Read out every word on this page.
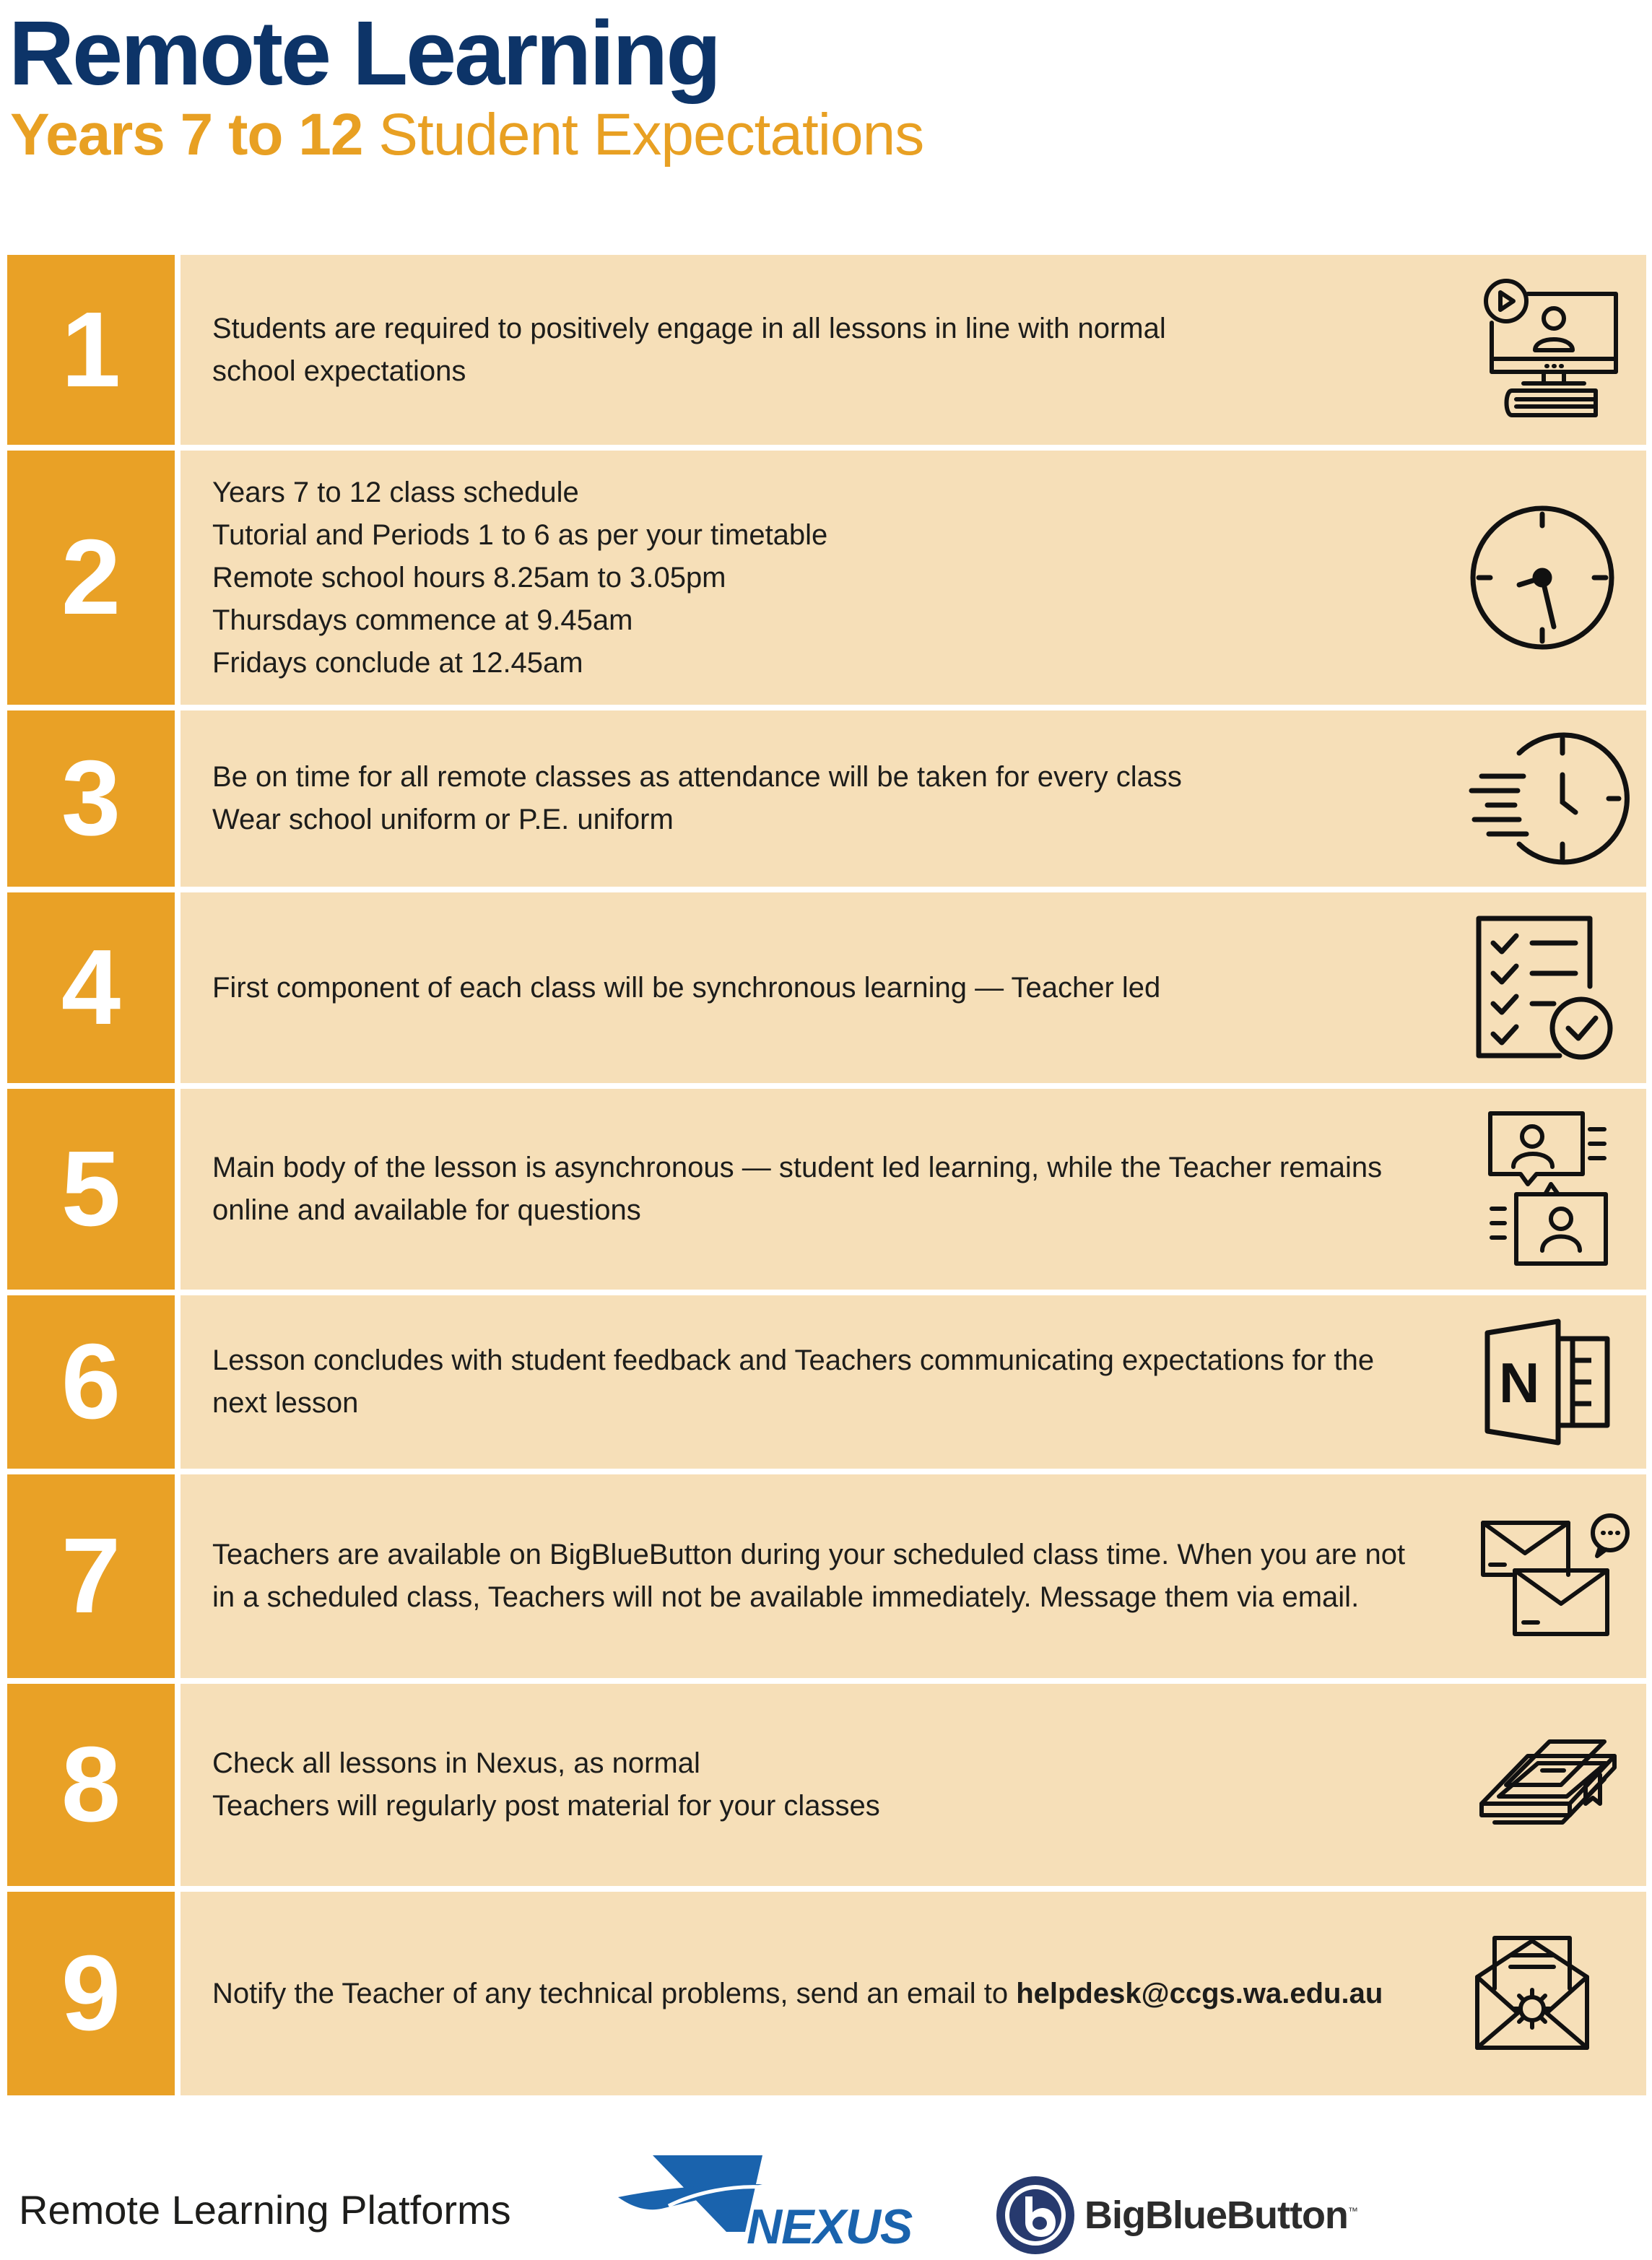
Remote Learning
Years 7 to 12 Student Expectations
1	Students are required to positively engage in all lessons in line with normal
school expectations
2
Years 7 to 12 class schedule
Tutorial and Periods 1 to 6 as per your timetable
Remote school hours 8.25am to 3.05pm
Thursdays commence at 9.45am
Fridays conclude at 12.45am
3	Be on time for all remote classes as attendance will be taken for every class
Wear school uniform or P.E. uniform
4	First component of each class will be synchronous learning — Teacher led
5	Main body of the lesson is asynchronous — student led learning, while the Teacher remains
online and available for questions
6	Lesson concludes with student feedback and Teachers communicating expectations for the
next lesson	N
7	Teachers are available on BigBlueButton during your scheduled class time. When you are not
in a scheduled class, Teachers will not be available immediately. Message them via email.
8	Check all lessons in Nexus, as normal
Teachers will regularly post material for your classes
9	Notify the Teacher of any technical problems, send an email to helpdesk@ccgs.wa.edu.au
Remote Learning Platforms	NEXUS	BigBlueButton™
